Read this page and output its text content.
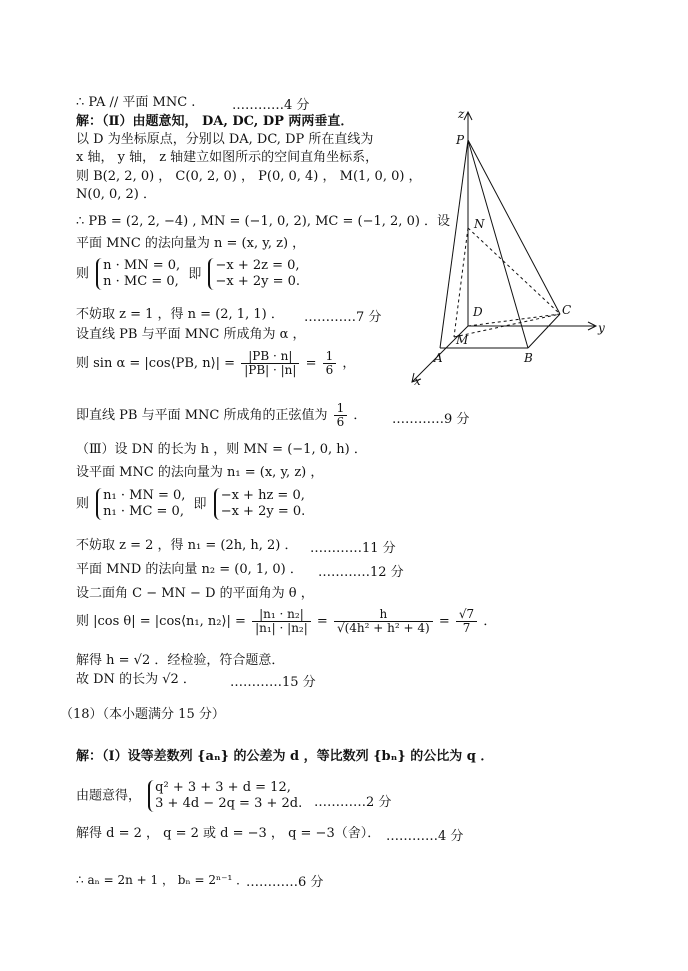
∴ PA // 平面 MNC .	…………4 分
解：（Ⅱ）由题意知， DA, DC, DP 两两垂直．
以 D 为坐标原点，分别以 DA, DC, DP 所在直线为
x 轴， y 轴， z 轴建立如图所示的空间直角坐标系，
则 B(2, 2, 0) ， C(0, 2, 0) ， P(0, 0, 4) ， M(1, 0, 0) ，
N(0, 0, 2) ．
∴ PB = (2, 2, −4) , MN = (−1, 0, 2), MC = (−1, 2, 0) ．设
平面 MNC 的法向量为 n = (x, y, z) ，
则 n · MN = 0,
n · MC = 0, 即 −x + 2z = 0,
−x + 2y = 0.
不妨取 z = 1 ，得 n = (2, 1, 1) ． …………7 分
设直线 PB 与平面 MNC 所成角为 α ，
则 sin α = |cos⟨PB, n⟩| = $\frac{|PB \cdot n|}{|PB| \cdot |n|} = \frac{1}{6}$ ，
即直线 PB 与平面 MNC 所成角的正弦值为 $\frac{1}{6}$ ． …………9 分
（Ⅲ）设 DN 的长为 h ，则 MN = (−1, 0, h) ．
设平面 MNC 的法向量为 n₁ = (x, y, z) ，
则 n₁ · MN = 0,
n₁ · MC = 0, 即 −x + hz = 0,
−x + 2y = 0.
不妨取 z = 2 ，得 n₁ = (2h, h, 2) ． …………11 分
平面 MND 的法向量 n₂ = (0, 1, 0) ． …………12 分
设二面角 C − MN − D 的平面角为 θ ，
则 |cos θ| = |cos⟨n₁, n₂⟩| = $\frac{\text{|n₁ · n₂|}}{\text{|n₁| · |n₂|}} = \frac{h}{\text{√(4h² + h² + 4)}} = \frac{√7}{7}$ ．
解得 h = √2 ．经检验，符合题意．
故 DN 的长为 √2 ．	…………15 分
（18）（本小题满分 15 分）
解：（Ⅰ）设等差数列 {aₙ} 的公差为 d ，等比数列 {bₙ} 的公比为 q ．
由题意得， q² + 3 + 3 + d = 12,
3 + 4d − 2q = 3 + 2d. …………2 分
解得 d = 2 ， q = 2 或 d = −3 ， q = −3（舍）． …………4 分
∴ aₙ = 2n + 1 ， bₙ = 2ⁿ⁻¹ ．
…………6 分
z
y
x
P
N
D	C
A
M
B
